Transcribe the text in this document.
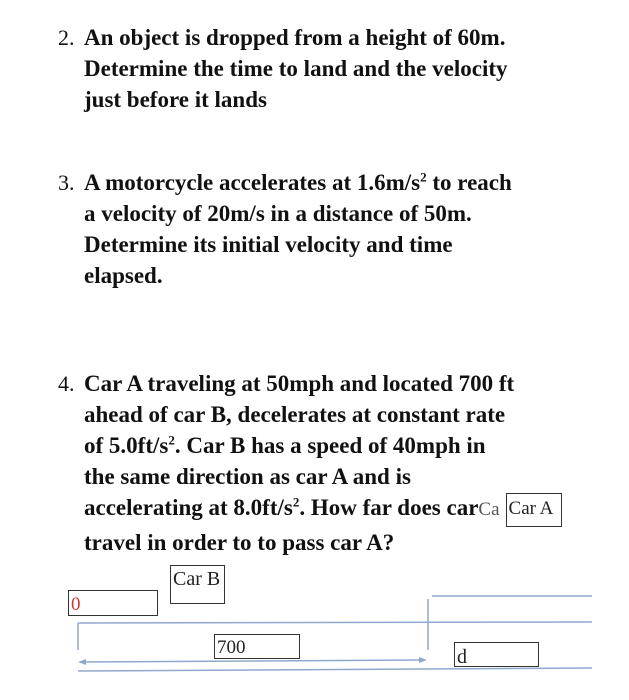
2. An object is dropped from a height of 60m.
Determine the time to land and the velocity
just before it lands
3. A motorcycle accelerates at $1.6m/s^2$ to reach
a velocity of 20m/s in a distance of 50m.
Determine its initial velocity and time
elapsed.
4. Car A traveling at 50mph and located 700 ft
ahead of car B, decelerates at constant rate
of $5.0ft/s^2$. Car B has a speed of 40mph in
the same direction as car A and is
accelerating at $8.0ft/s^2$. How far does car Ca Car A
travel in order to to pass car A?
Car B
0
700	d
